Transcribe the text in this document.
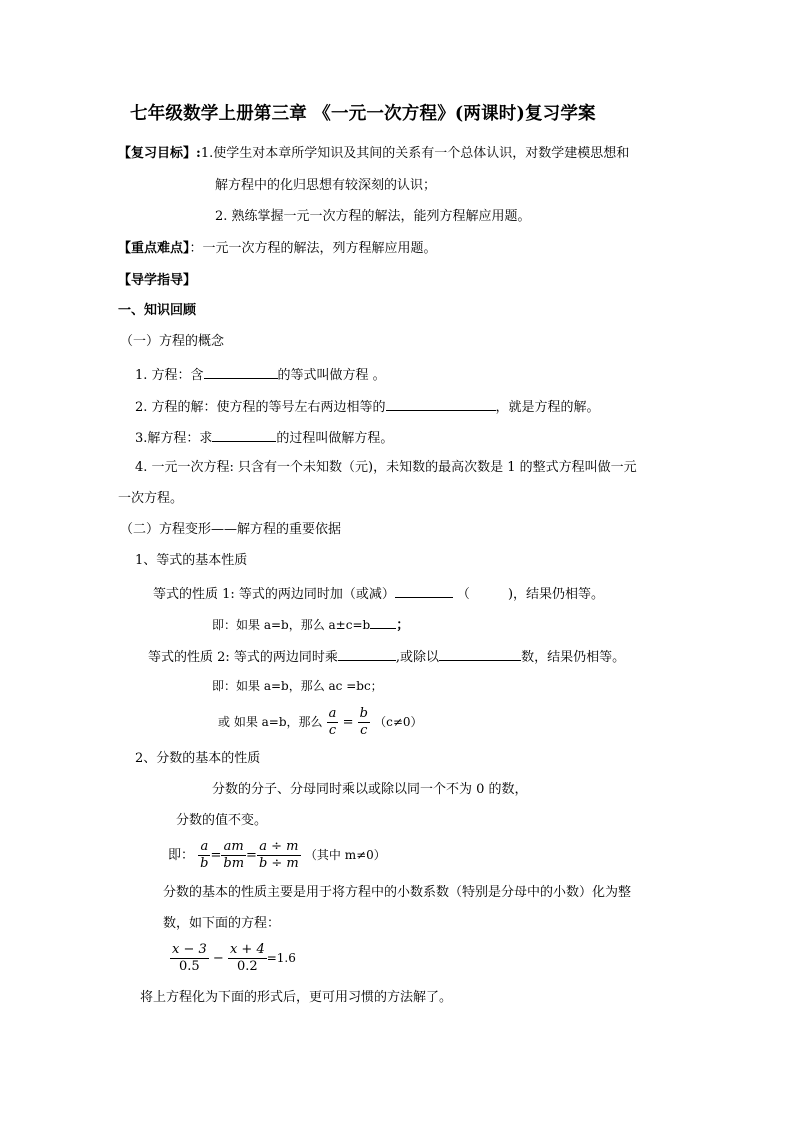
七年级数学上册第三章 《一元一次方程》(两课时)复习学案
【复习目标】:1.使学生对本章所学知识及其间的关系有一个总体认识，对数学建模思想和
解方程中的化归思想有较深刻的认识；
2. 熟练掌握一元一次方程的解法，能列方程解应用题。
【重点难点】：一元一次方程的解法，列方程解应用题。
【导学指导】
一、知识回顾
（一）方程的概念
1. 方程：含	的等式叫做方程 。
2. 方程的解：使方程的等号左右两边相等的	，就是方程的解。
3.解方程：求	的过程叫做解方程。
4. 一元一次方程: 只含有一个未知数（元)，未知数的最高次数是 1 的整式方程叫做一元
一次方程。
（二）方程变形——解方程的重要依据
1、等式的基本性质
等式的性质 1: 等式的两边同时加（或减）	（	)，结果仍相等。
即：如果 a=b，那么 a±c=b ；
等式的性质 2: 等式的两边同时乘	,或除以	数，结果仍相等。
即：如果 a=b，那么 ac =bc；
或 如果 a=b，那么 $\frac{a}{c} = \frac{b}{c} (c\ne 0)$
2、分数的基本的性质
分数的分子、分母同时乘以或除以同一个不为 0 的数，
分数的值不变。
即： $\frac{a}{b} = \frac{am}{bm} = \frac{a \div m}{b \div m}$ （其中 m≠0）
分数的基本的性质主要是用于将方程中的小数系数（特别是分母中的小数）化为整
数，如下面的方程：
$\frac{x - 3}{0.5} - \frac{x + 4}{0.2} =1.6$
将上方程化为下面的形式后，更可用习惯的方法解了。
